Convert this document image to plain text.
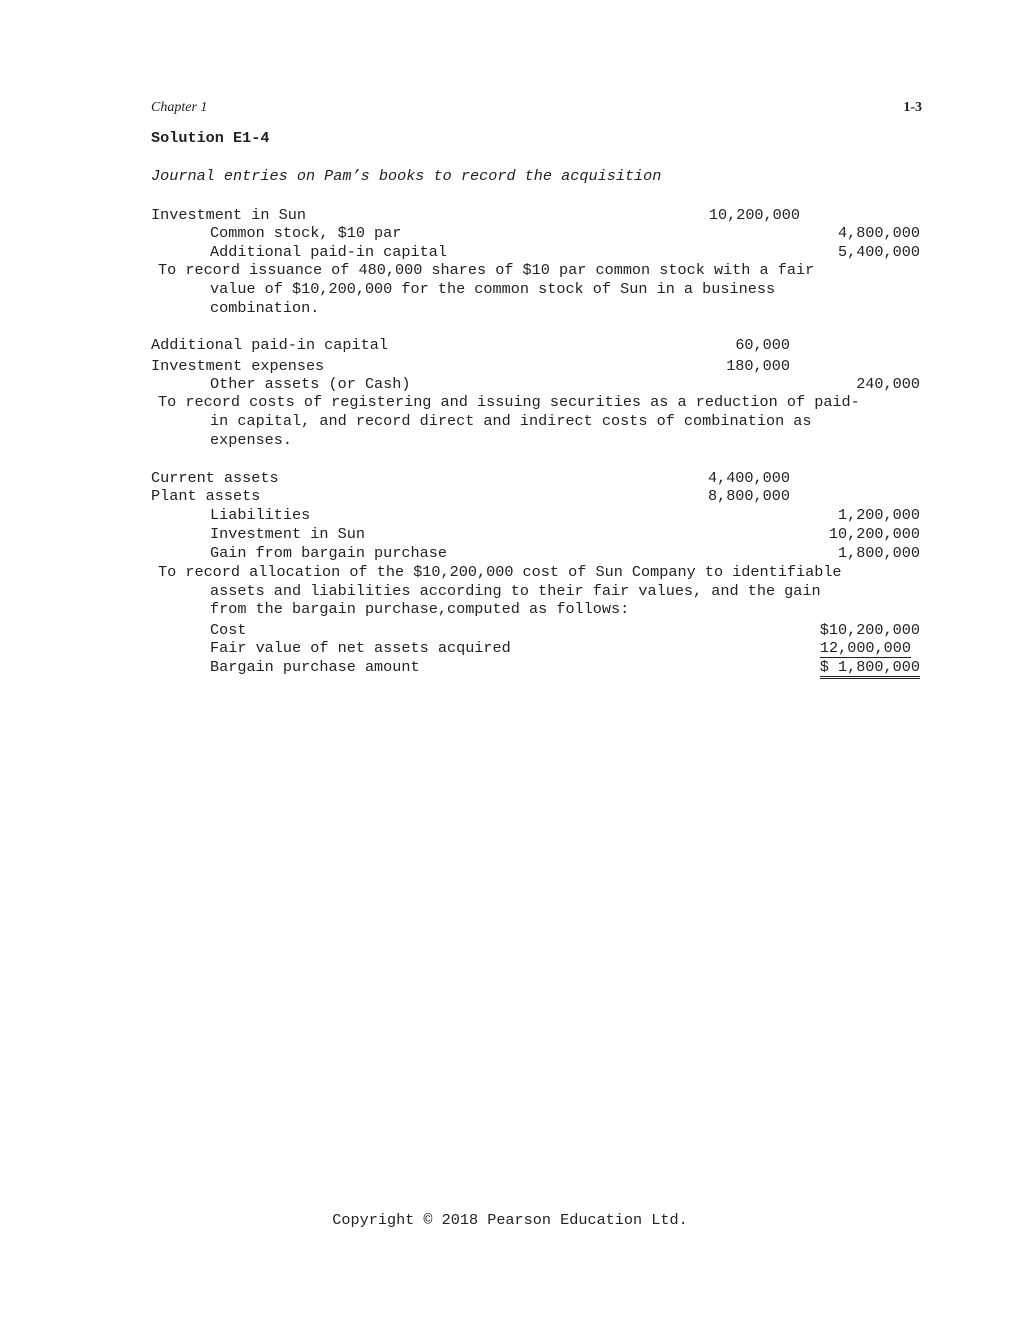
Chapter 1	1-3
Solution E1-4
Journal entries on Pam’s books to record the acquisition
Investment in Sun	10,200,000
Common stock, $10 par	4,800,000
Additional paid-in capital	5,400,000
To record issuance of 480,000 shares of $10 par common stock with a fair
value of $10,200,000 for the common stock of Sun in a business
combination.
Additional paid-in capital	60,000
Investment expenses	180,000
Other assets (or Cash)	240,000
To record costs of registering and issuing securities as a reduction of paid-
in capital, and record direct and indirect costs of combination as
expenses.
Current assets	4,400,000
Plant assets	8,800,000
Liabilities	1,200,000
Investment in Sun	10,200,000
Gain from bargain purchase	1,800,000
To record allocation of the $10,200,000 cost of Sun Company to identifiable
assets and liabilities according to their fair values, and the gain
from the bargain purchase,computed as follows:
Cost	$10,200,000
Fair value of net assets acquired	12,000,000
Bargain purchase amount	$ 1,800,000
Copyright © 2018 Pearson Education Ltd.
